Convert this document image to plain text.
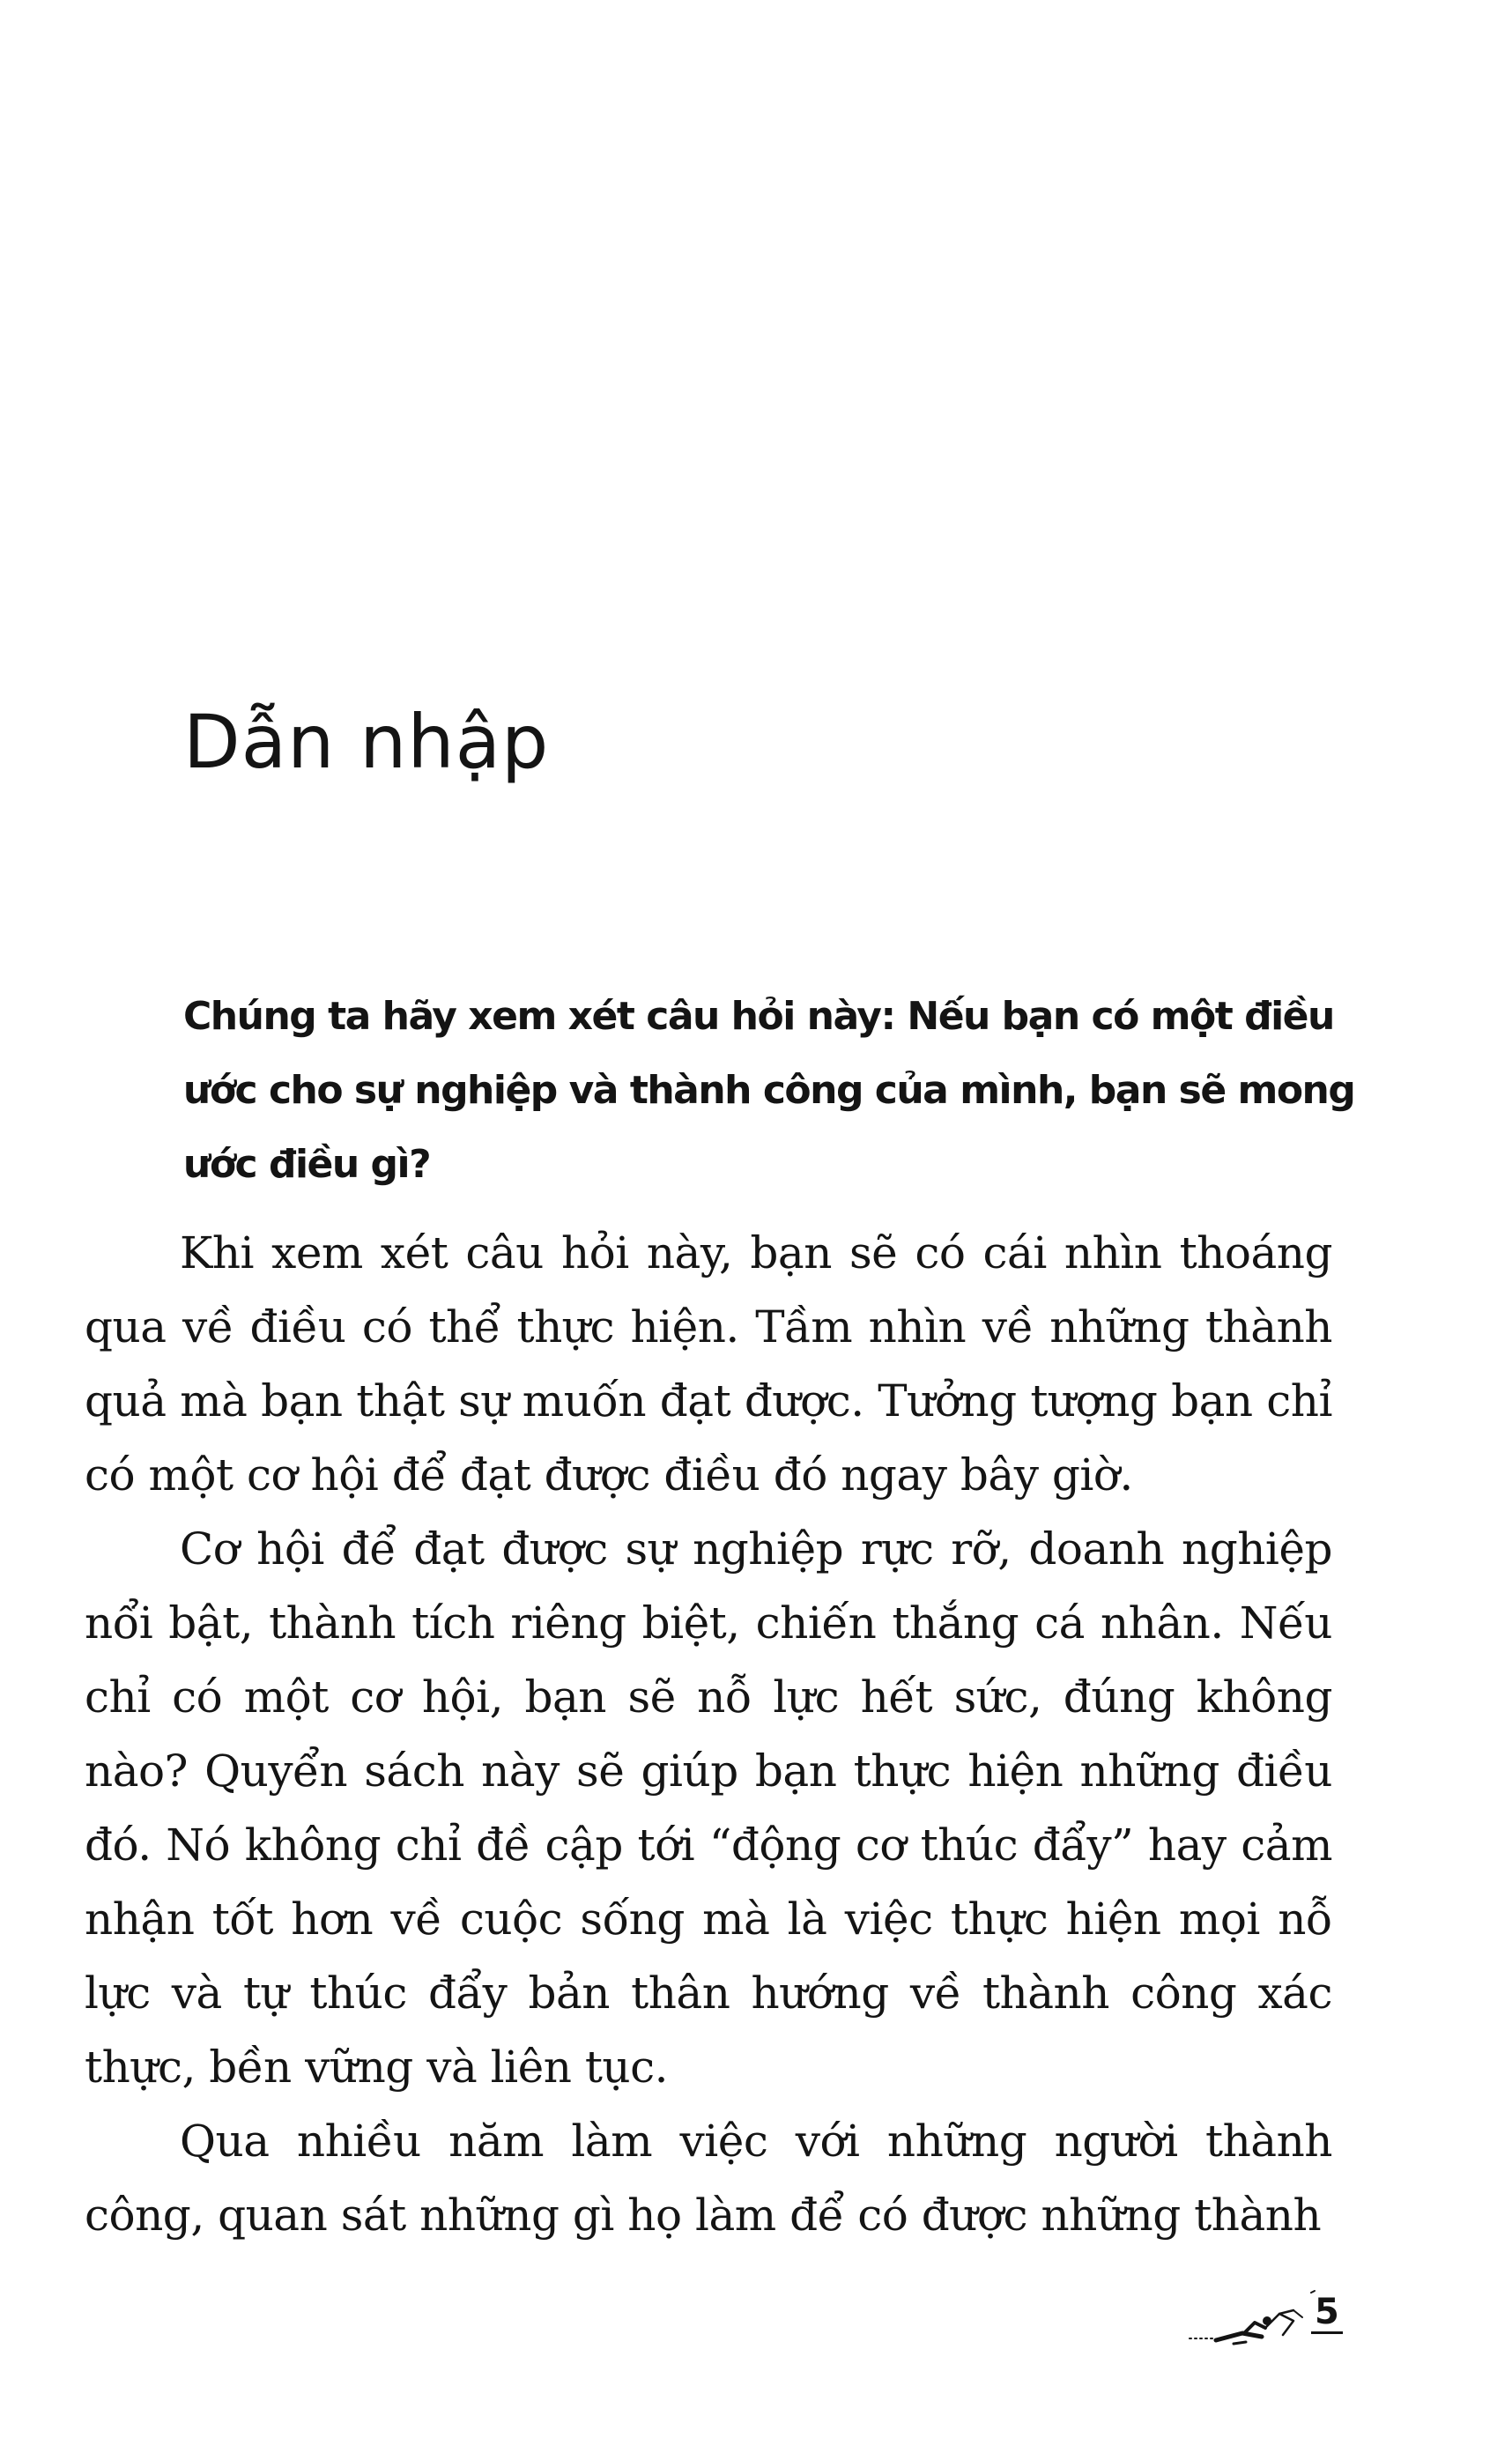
Dẫn nhập

Chúng ta hãy xem xét câu hỏi này: Nếu bạn có một điều ước cho sự nghiệp và thành công của mình, bạn sẽ mong ước điều gì?

Khi xem xét câu hỏi này, bạn sẽ có cái nhìn thoáng qua về điều có thể thực hiện. Tầm nhìn về những thành quả mà bạn thật sự muốn đạt được. Tưởng tượng bạn chỉ có một cơ hội để đạt được điều đó ngay bây giờ.

Cơ hội để đạt được sự nghiệp rực rỡ, doanh nghiệp nổi bật, thành tích riêng biệt, chiến thắng cá nhân. Nếu chỉ có một cơ hội, bạn sẽ nỗ lực hết sức, đúng không nào? Quyển sách này sẽ giúp bạn thực hiện những điều đó. Nó không chỉ đề cập tới “động cơ thúc đẩy” hay cảm nhận tốt hơn về cuộc sống mà là việc thực hiện mọi nỗ lực và tự thúc đẩy bản thân hướng về thành công xác thực, bền vững và liên tục.

Qua nhiều năm làm việc với những người thành công, quan sát những gì họ làm để có được những thành

5
